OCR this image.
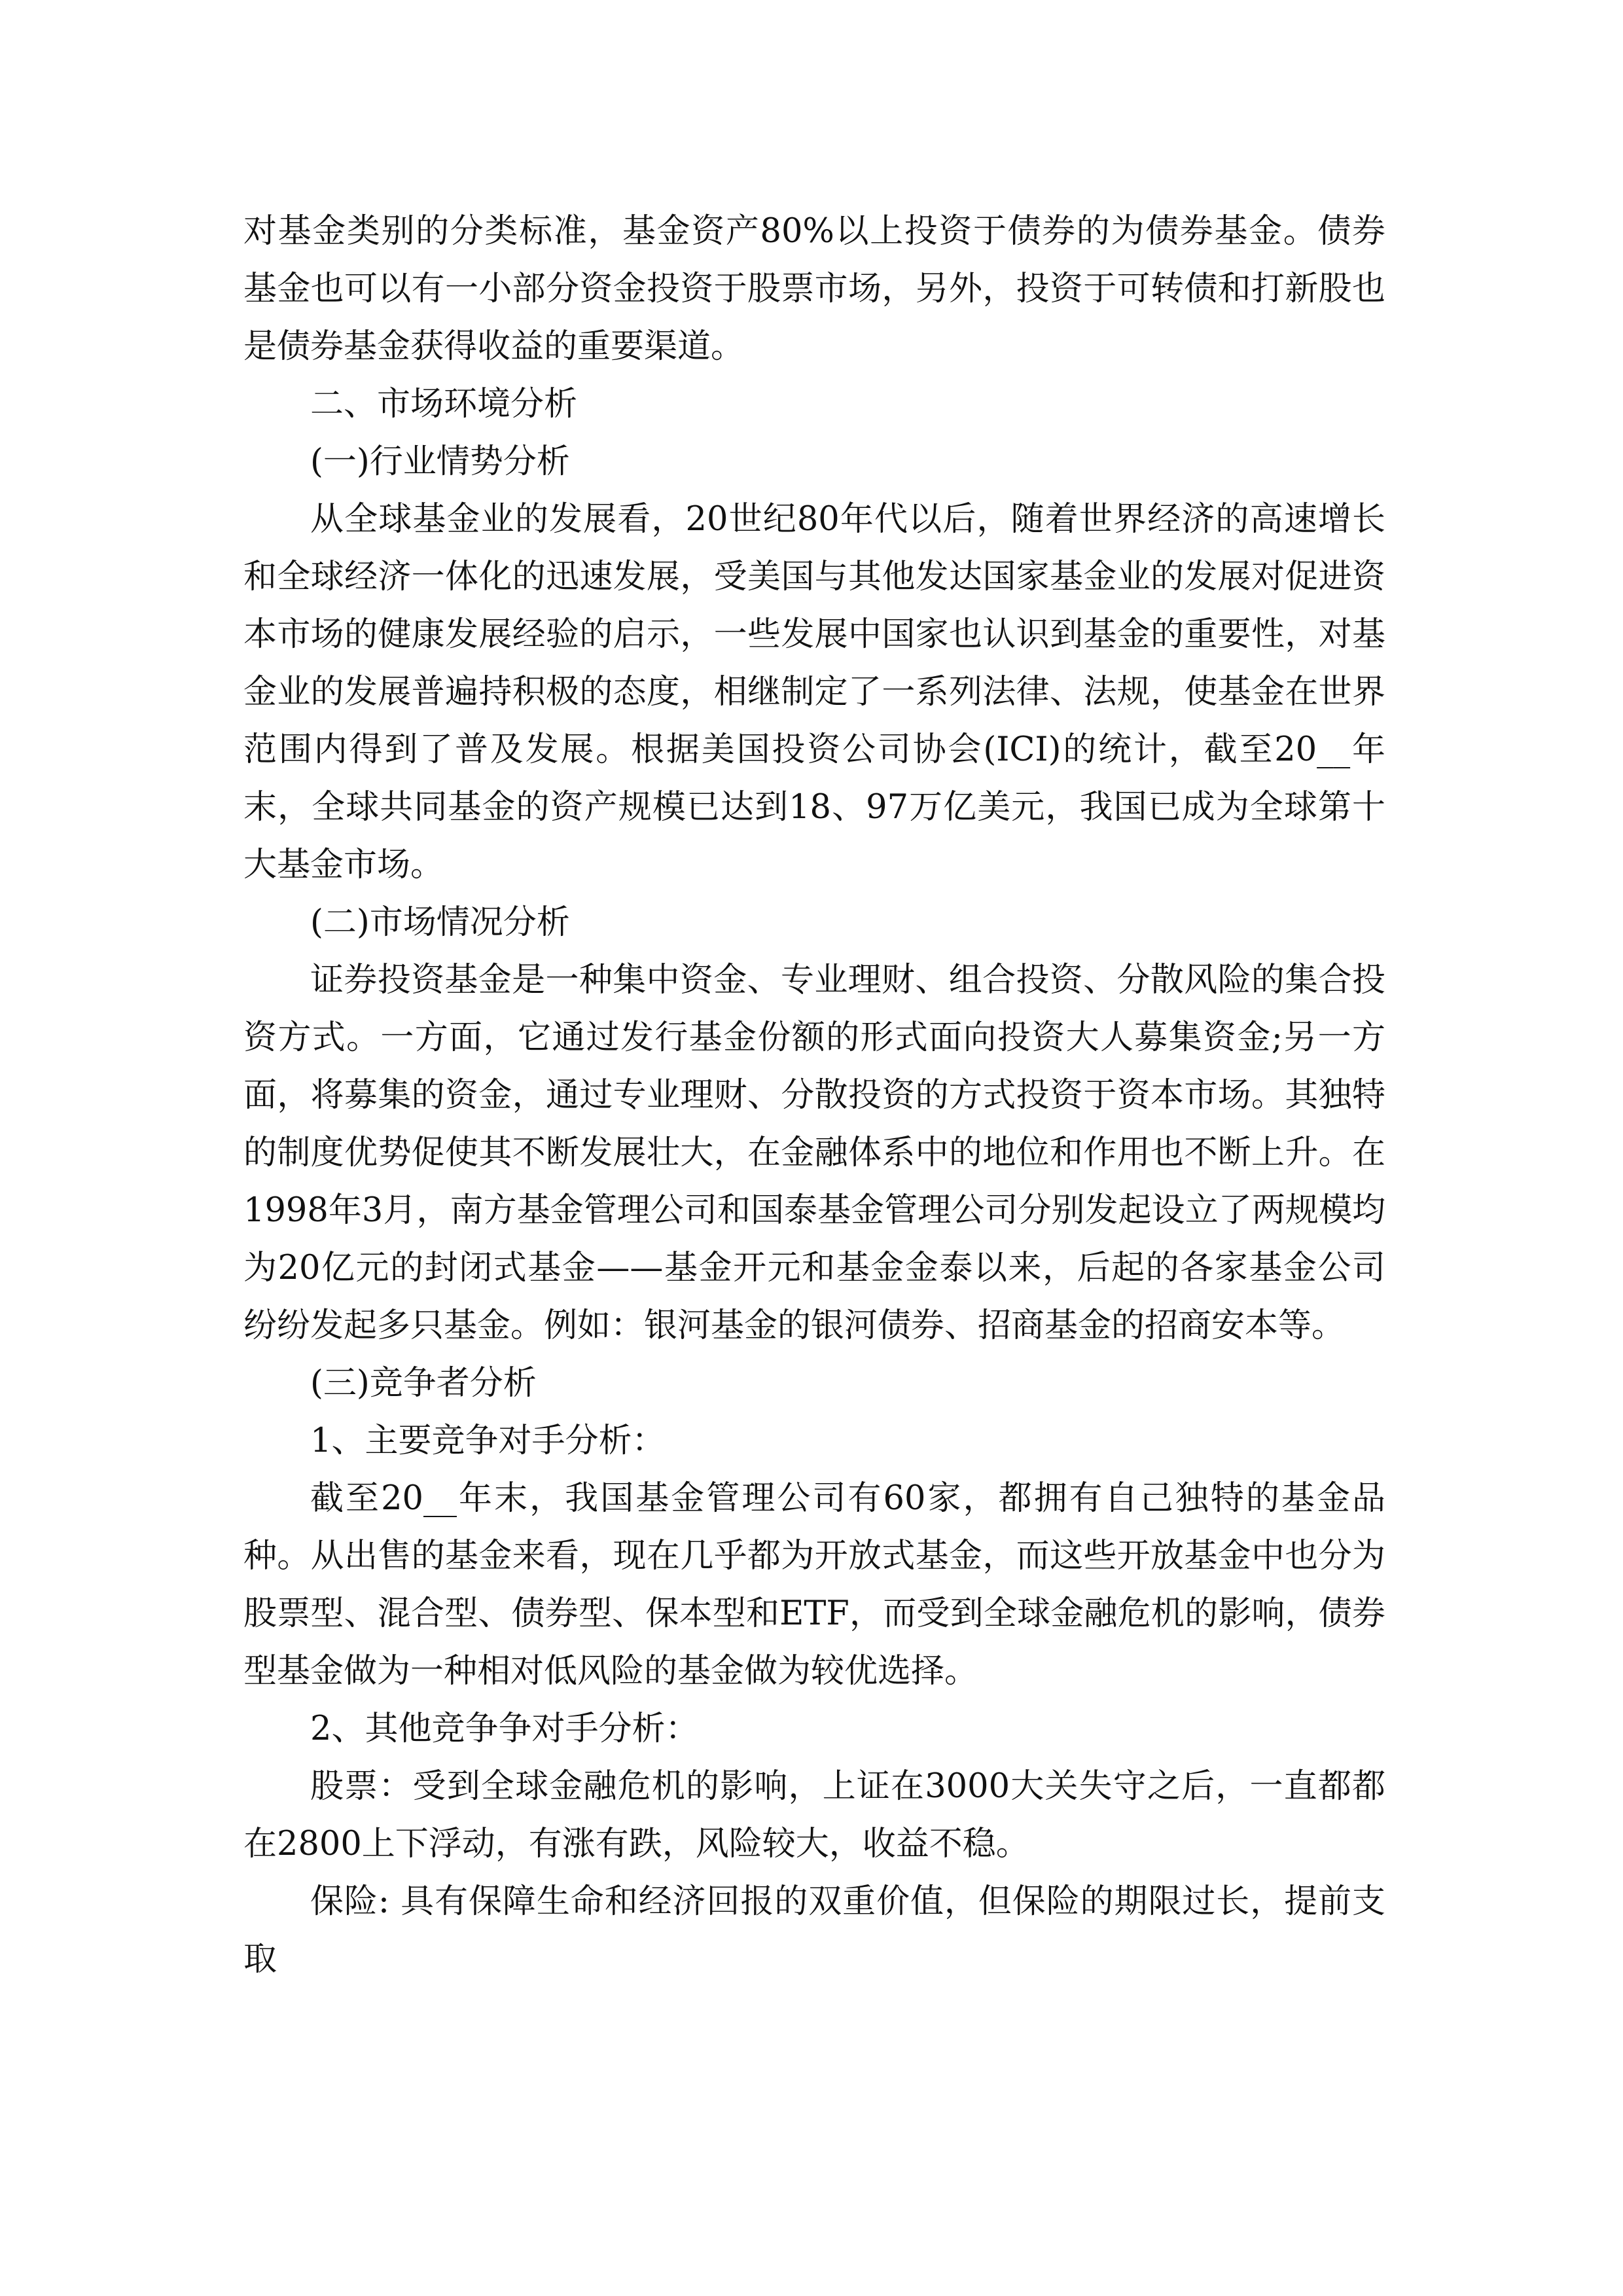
对基金类别的分类标准，基金资产80%以上投资于债券的为债券基金。债券基金也可以有一小部分资金投资于股票市场，另外，投资于可转债和打新股也是债券基金获得收益的重要渠道。

二、市场环境分析

(一)行业情势分析

从全球基金业的发展看，20世纪80年代以后，随着世界经济的高速增长和全球经济一体化的迅速发展，受美国与其他发达国家基金业的发展对促进资本市场的健康发展经验的启示，一些发展中国家也认识到基金的重要性，对基金业的发展普遍持积极的态度，相继制定了一系列法律、法规，使基金在世界范围内得到了普及发展。根据美国投资公司协会(ICI)的统计，截至20__年末，全球共同基金的资产规模已达到18、97万亿美元，我国已成为全球第十大基金市场。

(二)市场情况分析

证券投资基金是一种集中资金、专业理财、组合投资、分散风险的集合投资方式。一方面，它通过发行基金份额的形式面向投资大人募集资金;另一方面，将募集的资金，通过专业理财、分散投资的方式投资于资本市场。其独特的制度优势促使其不断发展壮大，在金融体系中的地位和作用也不断上升。在1998年3月，南方基金管理公司和国泰基金管理公司分别发起设立了两规模均为20亿元的封闭式基金——基金开元和基金金泰以来，后起的各家基金公司纷纷发起多只基金。例如：银河基金的银河债券、招商基金的招商安本等。

(三)竞争者分析

1、主要竞争对手分析：

截至20__年末，我国基金管理公司有60家，都拥有自己独特的基金品种。从出售的基金来看，现在几乎都为开放式基金，而这些开放基金中也分为股票型、混合型、债券型、保本型和ETF，而受到全球金融危机的影响，债券型基金做为一种相对低风险的基金做为较优选择。

2、其他竞争争对手分析：

股票：受到全球金融危机的影响，上证在3000大关失守之后，一直都都在2800上下浮动，有涨有跌，风险较大，收益不稳。

保险: 具有保障生命和经济回报的双重价值，但保险的期限过长，提前支取
